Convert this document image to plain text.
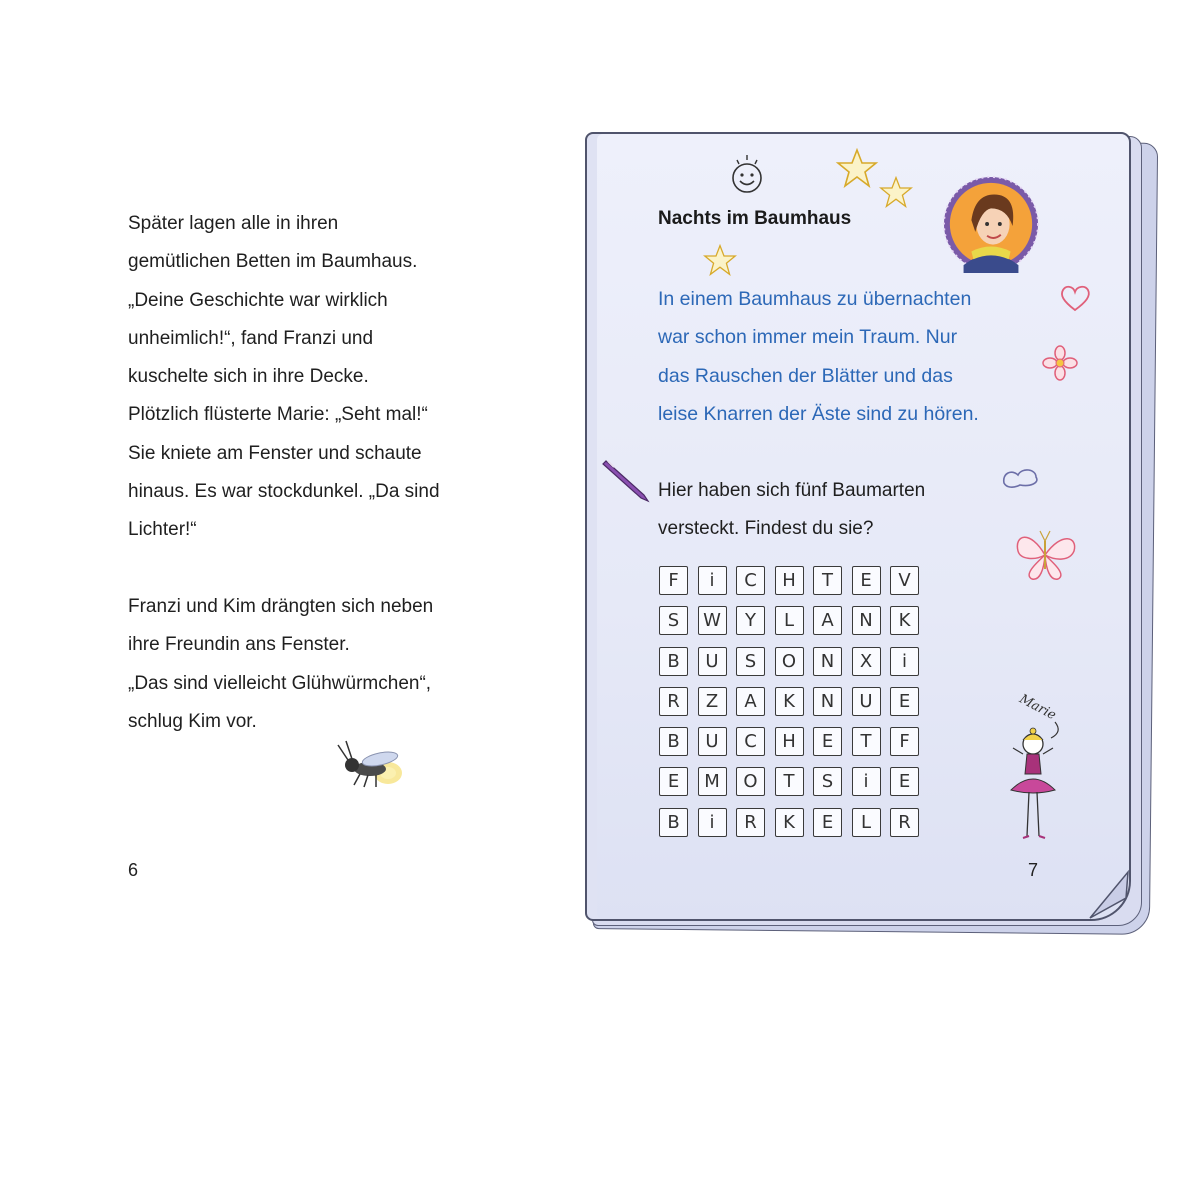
Später lagen alle in ihren
gemütlichen Betten im Baumhaus.
„Deine Geschichte war wirklich
unheimlich!“, fand Franzi und
kuschelte sich in ihre Decke.
Plötzlich flüsterte Marie: „Seht mal!“
Sie kniete am Fenster und schaute
hinaus. Es war stockdunkel. „Da sind
Lichter!“
Franzi und Kim drängten sich neben
ihre Freundin ans Fenster.
„Das sind vielleicht Glühwürmchen“,
schlug Kim vor.
6
Marie
Nachts im Baumhaus
In einem Baumhaus zu übernachten
war schon immer mein Traum. Nur
das Rauschen der Blätter und das
leise Knarren der Äste sind zu hören.
Hier haben sich fünf Baumarten
versteckt. Findest du sie?
F	i	C	H	T	E	V
S	W	Y	L	A	N	K
B	U	S	O	N	X	i
R	Z	A	K	N	U	E
B	U	C	H	E	T	F
E	M	O	T	S	i	E
B	i	R	K	E	L	R
7
